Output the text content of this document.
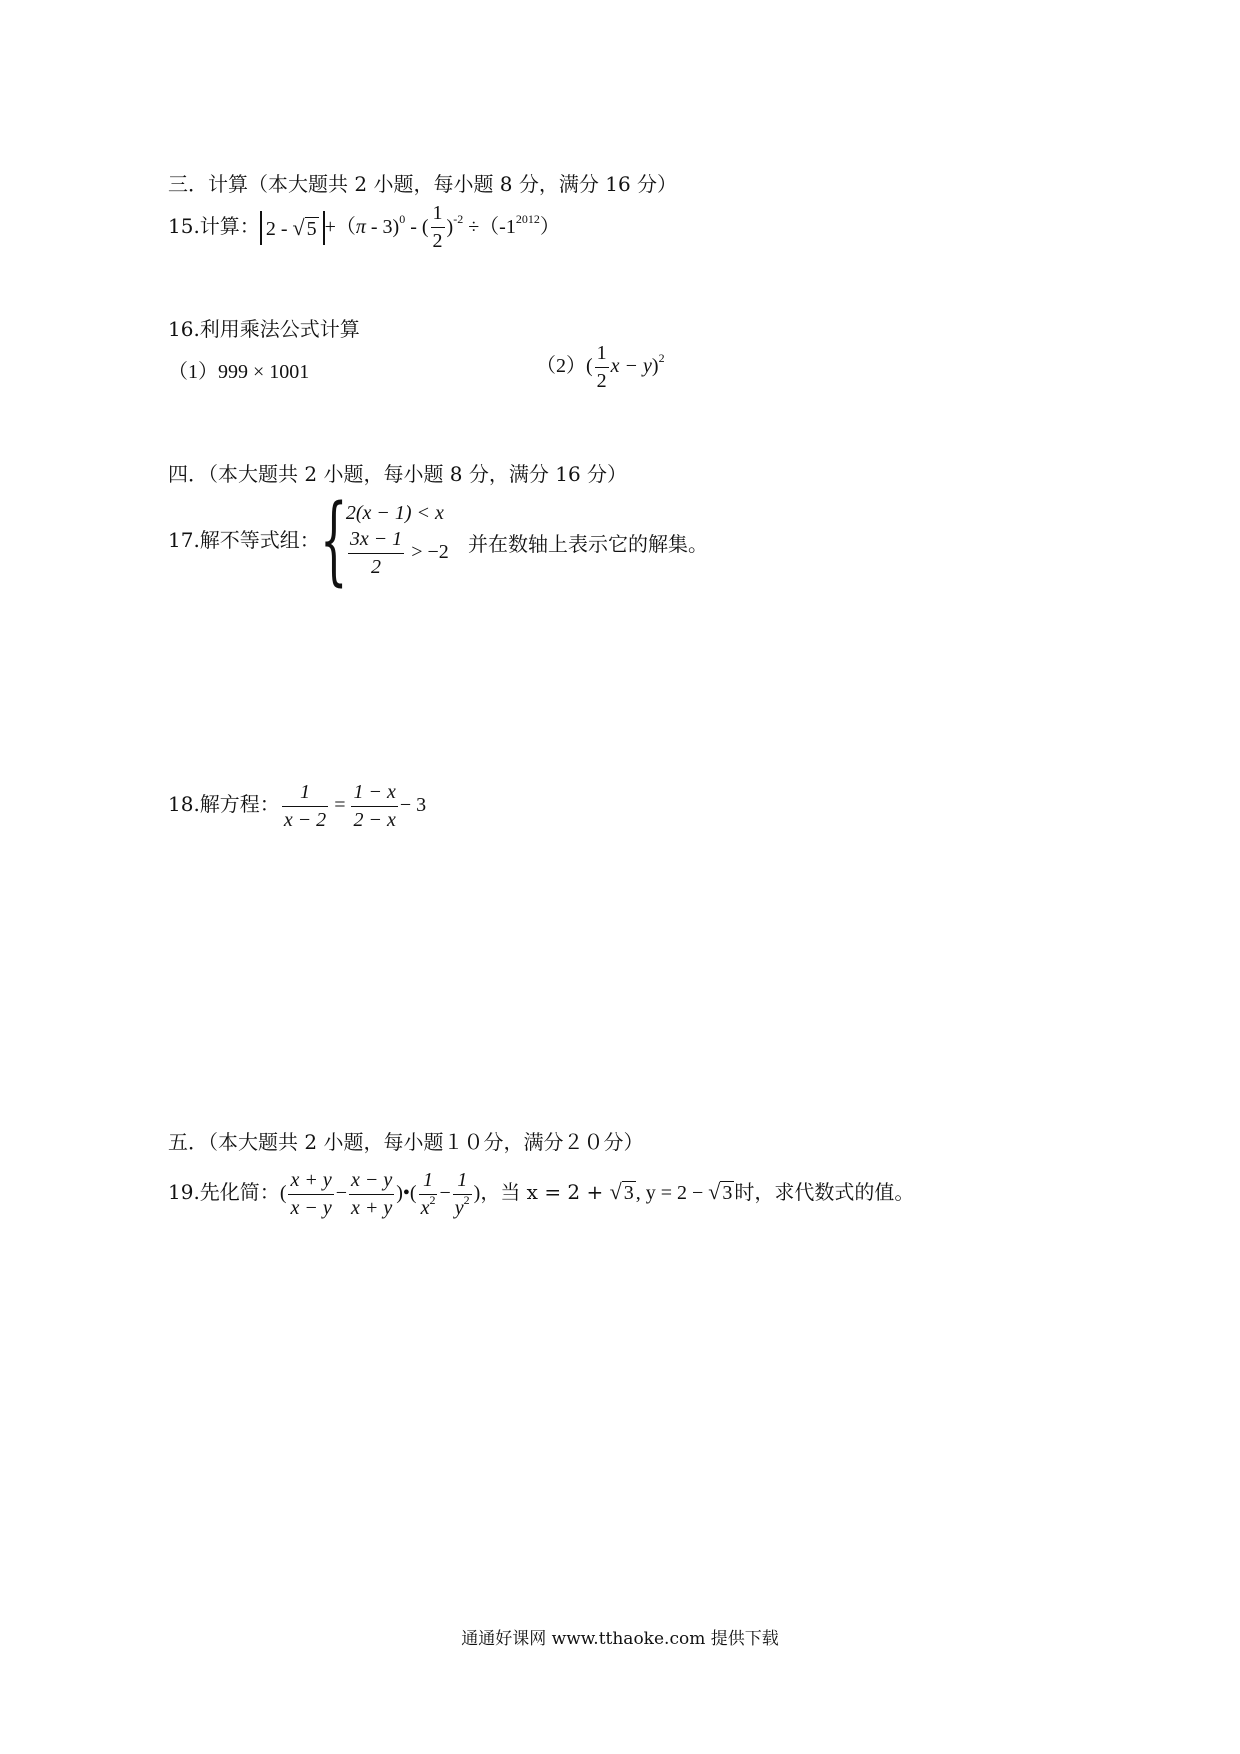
三．计算（本大题共 2 小题，每小题 8 分，满分 16 分）
15.计算： 2 - √ 5 +（π - 3)$^0$ - ( $\frac{1}{2} )^{-2} \div(-1^{2012})$
16.利用乘法公式计算
（1）999 × 1001	$(2)( \frac{1}{2}$ $x - y)^2$
四．（本大题共 2 小题，每小题 8 分，满分 16 分）
17.解不等式组：{
2(x − 1) < x
$\frac{3x - 1}{2} > -2$ 并在数轴上表示它的解集。
18.解方程： $\frac{1}{x - 2} = \frac{1 - x}{2 - x} - 3$
五．（本大题共 2 小题，每小题１０分，满分２０分）
19.先化简：( $\frac{x + y}{x - y} - \frac{x - y}{x + y}$ )•( $\frac{1}{x^2} - \frac{1}{y^2}$ )，当 x = 2 + √ 3 , y = 2 − √ 3 时，求代数式的值。
通通好课网 www.tthaoke.com 提供下载
